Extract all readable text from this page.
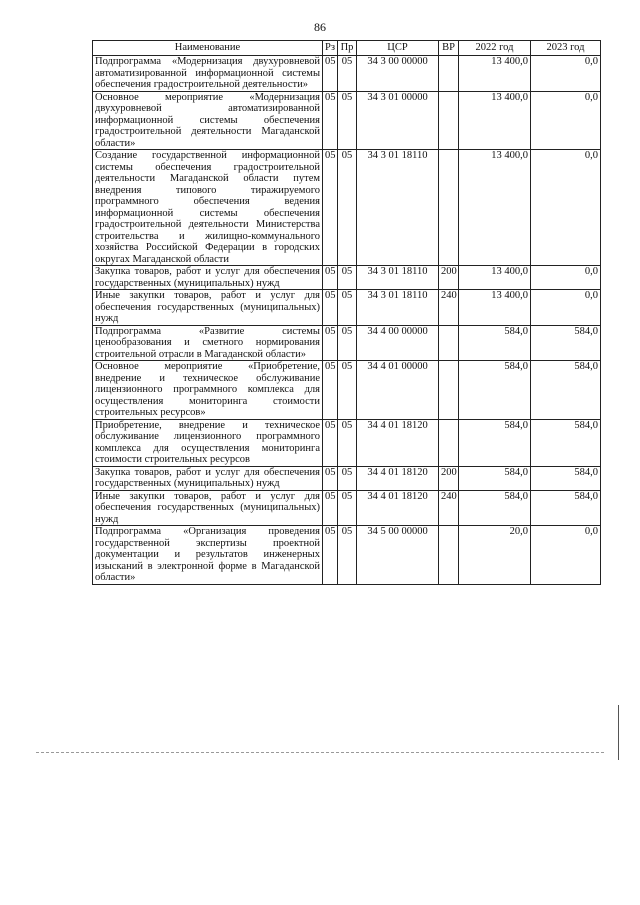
86
Наименование	Рз	Пр	ЦСР	ВР	2022 год	2023 год
Подпрограмма «Модернизация двухуровневой автоматизированной информационной системы обеспечения градостроительной деятельности»	05	05	34 3 00 00000		13 400,0	0,0
Основное мероприятие «Модернизация двухуровневой автоматизированной информационной системы обеспечения градостроительной деятельности Магаданской области»	05	05	34 3 01 00000		13 400,0	0,0
Создание государственной информационной системы обеспечения градостроительной деятельности Магаданской области путем внедрения типового тиражируемого программного обеспечения ведения информационной системы обеспечения градостроительной деятельности Министерства строительства и жилищно-коммунального хозяйства Российской Федерации в городских округах Магаданской области	05	05	34 3 01 18110		13 400,0	0,0
Закупка товаров, работ и услуг для обеспечения государственных (муниципальных) нужд	05	05	34 3 01 18110	200	13 400,0	0,0
Иные закупки товаров, работ и услуг для обеспечения государственных (муниципальных) нужд	05	05	34 3 01 18110	240	13 400,0	0,0
Подпрограмма «Развитие системы ценообразования и сметного нормирования строительной отрасли в Магаданской области»	05	05	34 4 00 00000		584,0	584,0
Основное мероприятие «Приобретение, внедрение и техническое обслуживание лицензионного программного комплекса для осуществления мониторинга стоимости строительных ресурсов»	05	05	34 4 01 00000		584,0	584,0
Приобретение, внедрение и техническое обслуживание лицензионного программного комплекса для осуществления мониторинга стоимости строительных ресурсов	05	05	34 4 01 18120		584,0	584,0
Закупка товаров, работ и услуг для обеспечения государственных (муниципальных) нужд	05	05	34 4 01 18120	200	584,0	584,0
Иные закупки товаров, работ и услуг для обеспечения государственных (муниципальных) нужд	05	05	34 4 01 18120	240	584,0	584,0
Подпрограмма «Организация проведения государственной экспертизы проектной документации и результатов инженерных изысканий в электронной форме в Магаданской области»	05	05	34 5 00 00000		20,0	0,0
